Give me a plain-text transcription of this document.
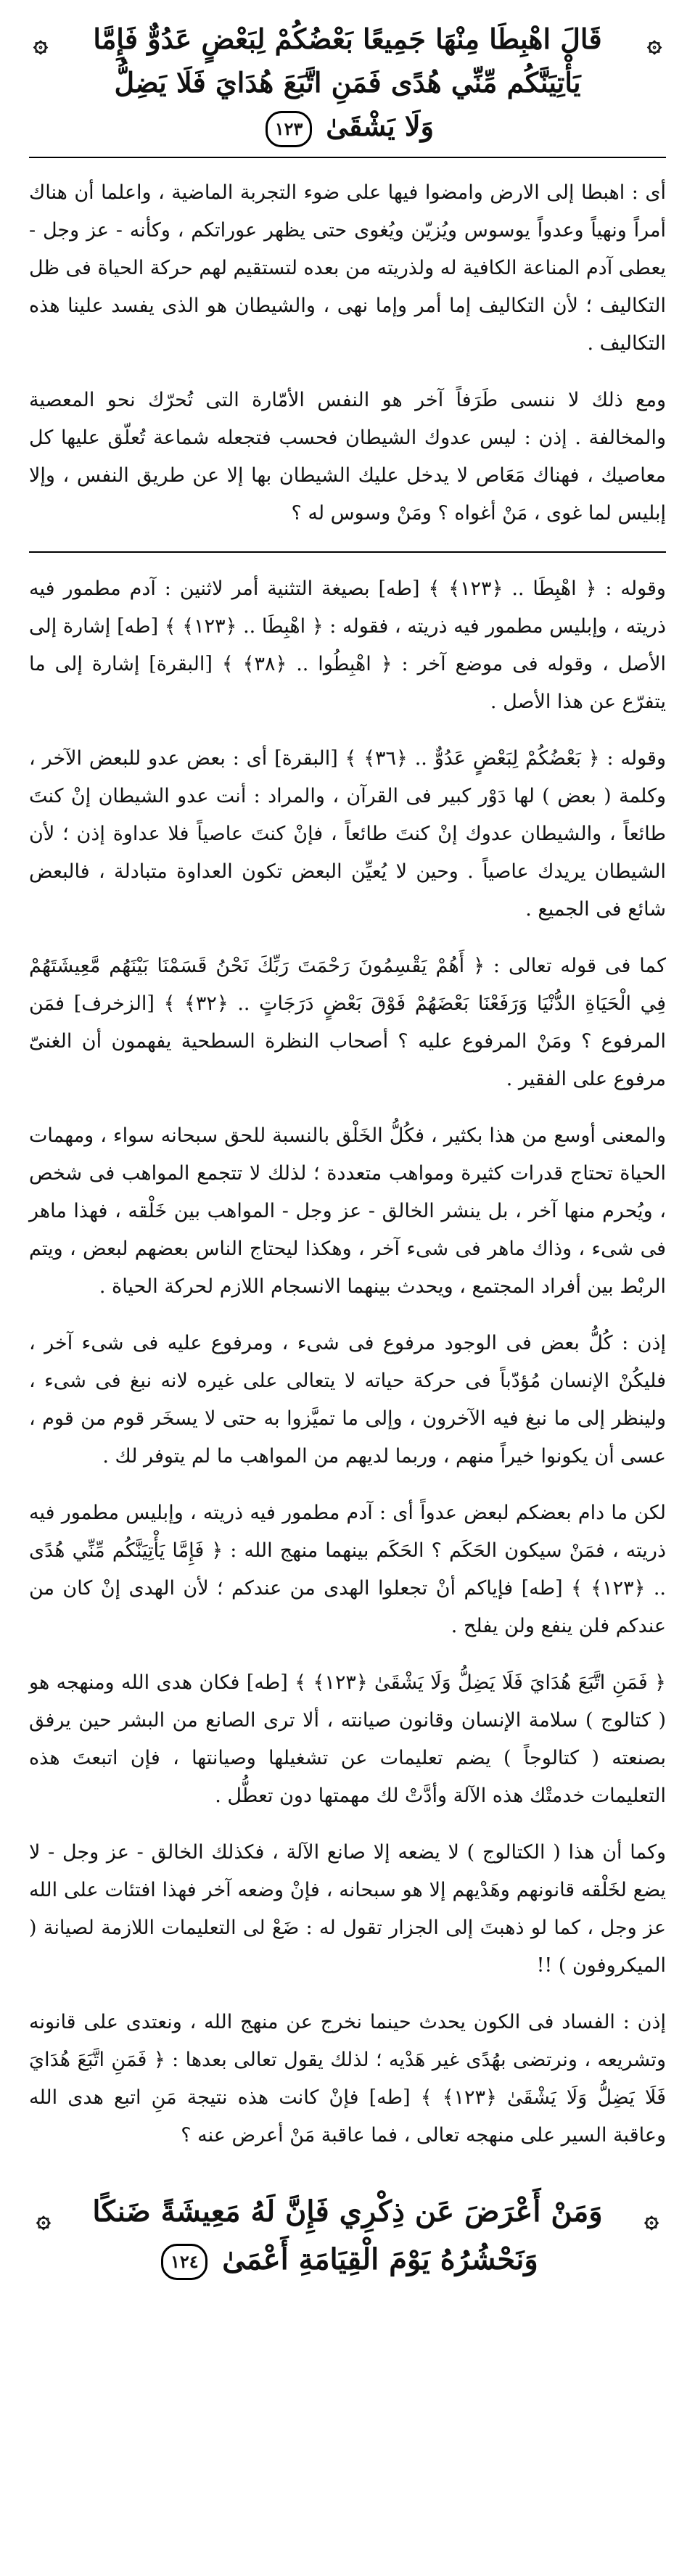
۞
۞	قَالَ اهْبِطَا مِنْهَا جَمِيعًا بَعْضُكُمْ لِبَعْضٍ عَدُوٌّ فَإِمَّا
يَأْتِيَنَّكُم مِّنِّي هُدًى فَمَنِ اتَّبَعَ هُدَايَ فَلَا يَضِلُّ
وَلَا يَشْقَىٰ ١٢٣

أى : اهبطا إلى الارض وامضوا فيها على ضوء التجربة الماضية ، واعلما أن هناك أمراً ونهياً وعدواً يوسوس ويُزيّن ويُغوى حتى يظهر عوراتكم ، وكأنه - عز وجل - يعطى آدم المناعة الكافية له ولذريته من بعده لتستقيم لهم حركة الحياة فى ظل التكاليف ؛ لأن التكاليف إما أمر وإما نهى ، والشيطان هو الذى يفسد علينا هذه التكاليف .

ومع ذلك لا ننسى طَرَفاً آخر هو النفس الأمّارة التى تُحرّك نحو المعصية والمخالفة . إذن : ليس عدوك الشيطان فحسب فتجعله شماعة تُعلّق عليها كل معاصيك ، فهناك مَعَاص لا يدخل عليك الشيطان بها إلا عن طريق النفس ، وإلا إبليس لما غوى ، مَنْ أغواه ؟ ومَنْ وسوس له ؟

وقوله : ﴿ اهْبِطَا .. ﴿١٢٣﴾ ﴾ [طه] بصيغة التثنية أمر لاثنين : آدم مطمور فيه ذريته ، وإبليس مطمور فيه ذريته ، فقوله : ﴿ اهْبِطَا .. ﴿١٢٣﴾ ﴾ [طه] إشارة إلى الأصل ، وقوله فى موضع آخر : ﴿ اهْبِطُوا .. ﴿٣٨﴾ ﴾ [البقرة] إشارة إلى ما يتفرّع عن هذا الأصل .

وقوله : ﴿ بَعْضُكُمْ لِبَعْضٍ عَدُوٌّ .. ﴿٣٦﴾ ﴾ [البقرة] أى : بعض عدو للبعض الآخر ، وكلمة ( بعض ) لها دَوْر كبير فى القرآن ، والمراد : أنت عدو الشيطان إنْ كنتَ طائعاً ، والشيطان عدوك إنْ كنتَ طائعاً ، فإنْ كنتَ عاصياً فلا عداوة إذن ؛ لأن الشيطان يريدك عاصياً . وحين لا يُعيِّن البعض تكون العداوة متبادلة ، فالبعض شائع فى الجميع .

كما فى قوله تعالى : ﴿ أَهُمْ يَقْسِمُونَ رَحْمَتَ رَبِّكَ نَحْنُ قَسَمْنَا بَيْنَهُم مَّعِيشَتَهُمْ فِي الْحَيَاةِ الدُّنْيَا وَرَفَعْنَا بَعْضَهُمْ فَوْقَ بَعْضٍ دَرَجَاتٍ .. ﴿٣٢﴾ ﴾ [الزخرف] فمَن المرفوع ؟ ومَنْ المرفوع عليه ؟ أصحاب النظرة السطحية يفهمون أن الغنىّ مرفوع على الفقير .

والمعنى أوسع من هذا بكثير ، فكُلُّ الخَلْق بالنسبة للحق سبحانه سواء ، ومهمات الحياة تحتاج قدرات كثيرة ومواهب متعددة ؛ لذلك لا تتجمع المواهب فى شخص ، ويُحرم منها آخر ، بل ينشر الخالق - عز وجل - المواهب بين خَلْقه ، فهذا ماهر فى شىء ، وذاك ماهر فى شىء آخر ، وهكذا ليحتاج الناس بعضهم لبعض ، ويتم الربْط بين أفراد المجتمع ، ويحدث بينهما الانسجام اللازم لحركة الحياة .

إذن : كُلُّ بعض فى الوجود مرفوع فى شىء ، ومرفوع عليه فى شىء آخر ، فليكُنْ الإنسان مُؤدّباً فى حركة حياته لا يتعالى على غيره لانه نبغ فى شىء ، ولينظر إلى ما نبغ فيه الآخرون ، وإلى ما تميَّزوا به حتى لا يسخَر قوم من قوم ، عسى أن يكونوا خيراً منهم ، وربما لديهم من المواهب ما لم يتوفر لك .

لكن ما دام بعضكم لبعض عدواً أى : آدم مطمور فيه ذريته ، وإبليس مطمور فيه ذريته ، فمَنْ سيكون الحَكَم ؟ الحَكَم بينهما منهج الله : ﴿ فَإِمَّا يَأْتِيَنَّكُم مِّنِّي هُدًى .. ﴿١٢٣﴾ ﴾ [طه] فإياكم أنْ تجعلوا الهدى من عندكم ؛ لأن الهدى إنْ كان من عندكم فلن ينفع ولن يفلح .

﴿ فَمَنِ اتَّبَعَ هُدَايَ فَلَا يَضِلُّ وَلَا يَشْقَىٰ ﴿١٢٣﴾ ﴾ [طه] فكان هدى الله ومنهجه هو ( كتالوج ) سلامة الإنسان وقانون صيانته ، ألا ترى الصانع من البشر حين يرفق بصنعته ( كتالوجاً ) يضم تعليمات عن تشغيلها وصيانتها ، فإن اتبعتَ هذه التعليمات خدمتْك هذه الآلة وأدَّتْ لك مهمتها دون تعطُّل .

وكما أن هذا ( الكتالوج ) لا يضعه إلا صانع الآلة ، فكذلك الخالق - عز وجل - لا يضع لخَلْقه قانونهم وهَدْيهم إلا هو سبحانه ، فإنْ وضعه آخر فهذا افتئات على الله عز وجل ، كما لو ذهبتَ إلى الجزار تقول له : ضَعْ لى التعليمات اللازمة لصيانة ( الميكروفون ) !!

إذن : الفساد فى الكون يحدث حينما نخرج عن منهج الله ، ونعتدى على قانونه وتشريعه ، ونرتضى بهُدًى غير هَدْيه ؛ لذلك يقول تعالى بعدها : ﴿ فَمَنِ اتَّبَعَ هُدَايَ فَلَا يَضِلُّ وَلَا يَشْقَىٰ ﴿١٢٣﴾ ﴾ [طه] فإنْ كانت هذه نتيجة مَنِ اتبع هدى الله وعاقبة السير على منهجه تعالى ، فما عاقبة مَنْ أعرض عنه ؟

۞
۞	وَمَنْ أَعْرَضَ عَن ذِكْرِي فَإِنَّ لَهُ مَعِيشَةً ضَنكًا
وَنَحْشُرُهُ يَوْمَ الْقِيَامَةِ أَعْمَىٰ ١٢٤
